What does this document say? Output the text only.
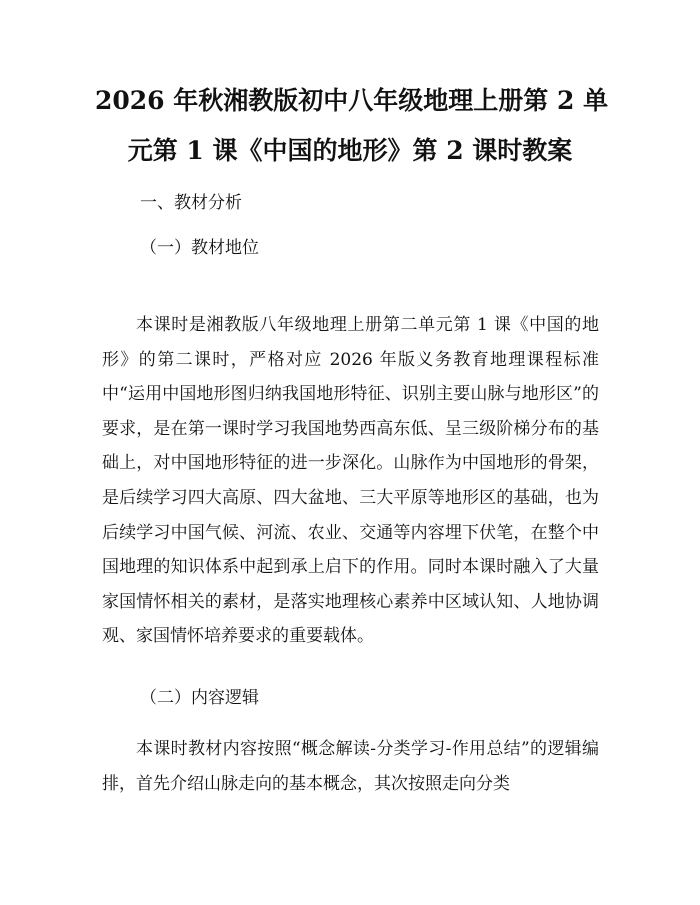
2026 年秋湘教版初中八年级地理上册第 2 单
元第 1 课《中国的地形》第 2 课时教案
一、教材分析
（一）教材地位

本课时是湘教版八年级地理上册第二单元第 1 课《中国的地形》的第二课时，严格对应 2026 年版义务教育地理课程标准中“运用中国地形图归纳我国地形特征、识别主要山脉与地形区”的要求，是在第一课时学习我国地势西高东低、呈三级阶梯分布的基础上，对中国地形特征的进一步深化。山脉作为中国地形的骨架，是后续学习四大高原、四大盆地、三大平原等地形区的基础，也为后续学习中国气候、河流、农业、交通等内容埋下伏笔，在整个中国地理的知识体系中起到承上启下的作用。同时本课时融入了大量家国情怀相关的素材，是落实地理核心素养中区域认知、人地协调观、家国情怀培养要求的重要载体。

（二）内容逻辑

本课时教材内容按照“概念解读-分类学习-作用总结”的逻辑编排，首先介绍山脉走向的基本概念，其次按照走向分类
